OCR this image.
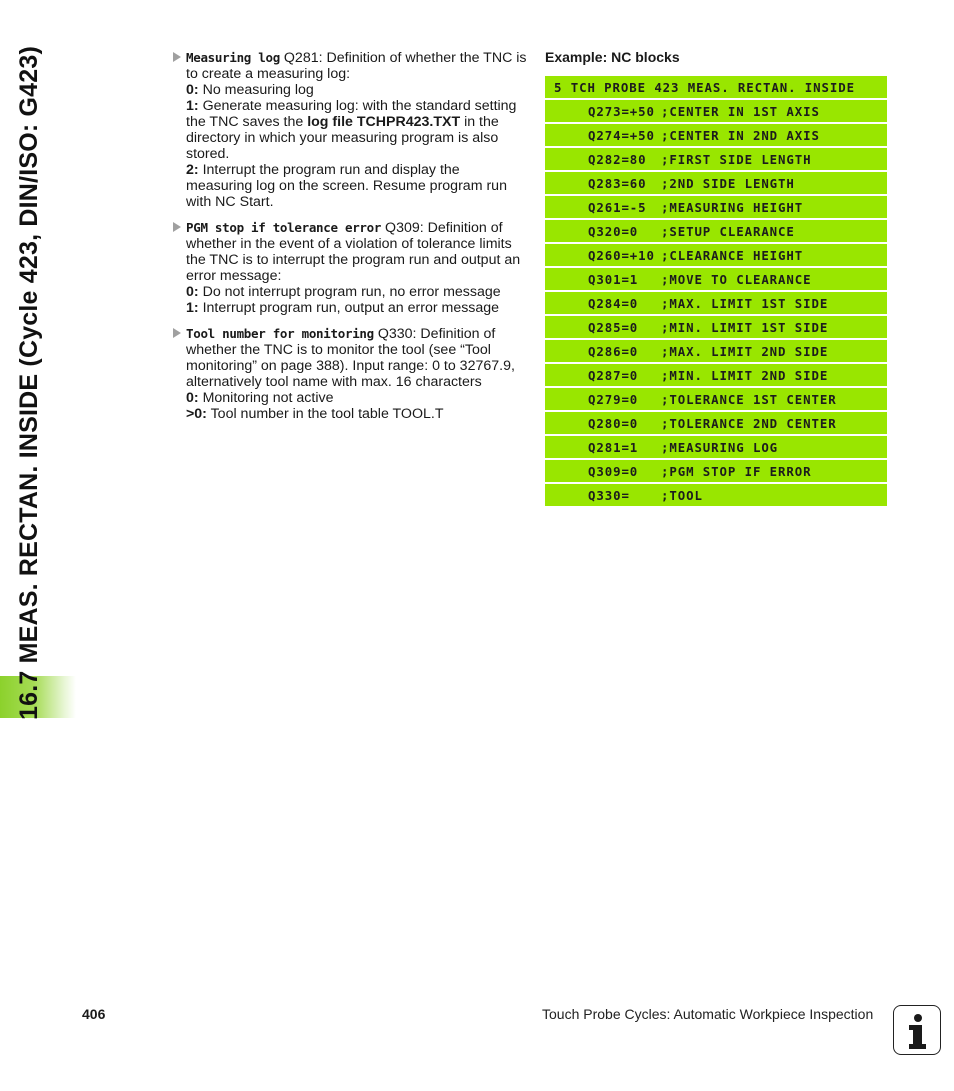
16.7 MEAS. RECTAN. INSIDE (Cycle 423, DIN/ISO: G423)	Measuring log Q281: Definition of whether the TNC is to create a measuring log:
0: No measuring log
1: Generate measuring log: with the standard setting the TNC saves the log file TCHPR423.TXT in the directory in which your measuring program is also stored.
2: Interrupt the program run and display the measuring log on the screen. Resume program run with NC Start.
PGM stop if tolerance error Q309: Definition of whether in the event of a violation of tolerance limits the TNC is to interrupt the program run and output an error message:
0: Do not interrupt program run, no error message
1: Interrupt program run, output an error message
Tool number for monitoring Q330: Definition of whether the TNC is to monitor the tool (see “Tool monitoring” on page 388). Input range: 0 to 32767.9, alternatively tool name with max. 16 characters
0: Monitoring not active
>0: Tool number in the tool table TOOL.T
Example: NC blocks
5 TCH PROBE 423 MEAS. RECTAN. INSIDE
Q273=+50 ;CENTER IN 1ST AXIS
Q274=+50 ;CENTER IN 2ND AXIS
Q282=80	;FIRST SIDE LENGTH
Q283=60	;2ND SIDE LENGTH
Q261=-5	;MEASURING HEIGHT
Q320=0	;SETUP CLEARANCE
Q260=+10 ;CLEARANCE HEIGHT
Q301=1	;MOVE TO CLEARANCE
Q284=0	;MAX. LIMIT 1ST SIDE
Q285=0	;MIN. LIMIT 1ST SIDE
Q286=0	;MAX. LIMIT 2ND SIDE
Q287=0	;MIN. LIMIT 2ND SIDE
Q279=0	;TOLERANCE 1ST CENTER
Q280=0	;TOLERANCE 2ND CENTER
Q281=1	;MEASURING LOG
Q309=0	;PGM STOP IF ERROR
Q330=	;TOOL
406	Touch Probe Cycles: Automatic Workpiece Inspection
